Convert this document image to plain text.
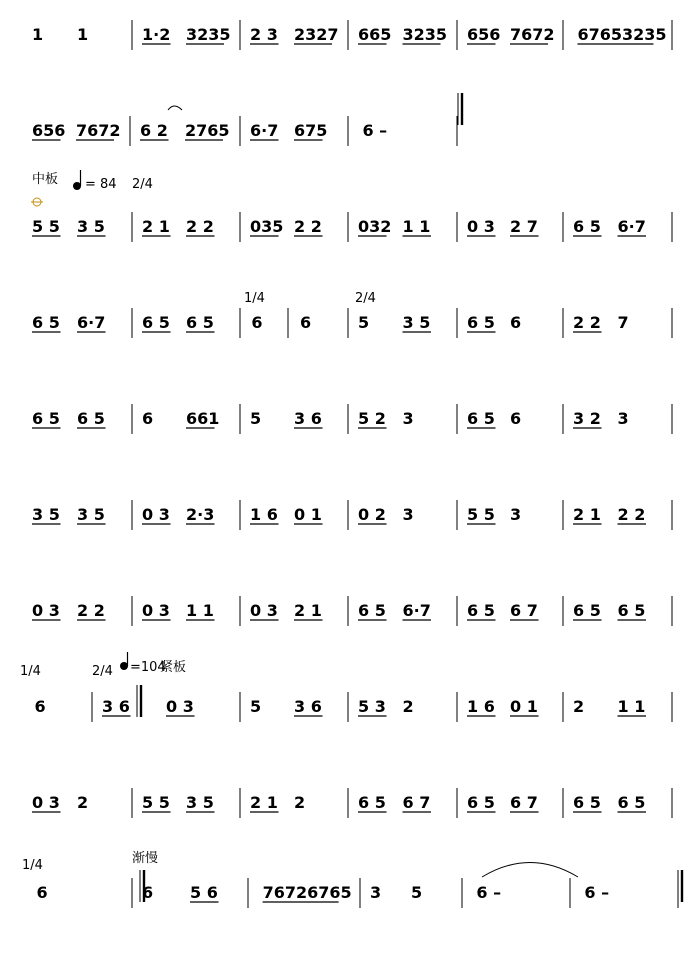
中板 = 84 2/4
1/4	2/4
1/4	2/4 =104
紧板
1/4	渐慢
1 1	1·2 3235 2 3 2327 665 3235 656 7672 67653235
656 7672 6 2 2765 6·7 675 6 –
5 5 3 5 2 1 2 2 035 2 2 032 1 1 0 3 2 7 6 5 6·7
6 5 6·7 6 5 6 5 6 6	5 3 5 6 5 6	2 2 7
6 5 6 5 6 661 5 3 6 5 2 3	6 5 6	3 2 3
3 5 3 5 0 3 2·3 1 6 0 1 0 2 3	5 5 3	2 1 2 2
0 3 2 2 0 3 1 1 0 3 2 1 6 5 6·7 6 5 6 7 6 5 6 5
6	3 6 0 3	5 3 6 5 3 2	1 6 0 1 2 1 1
0 3 2	5 5 3 5 2 1 2	6 5 6 7 6 5 6 7 6 5 6 5
6	6 5 6	76726765 3 5	6 –	6 –
